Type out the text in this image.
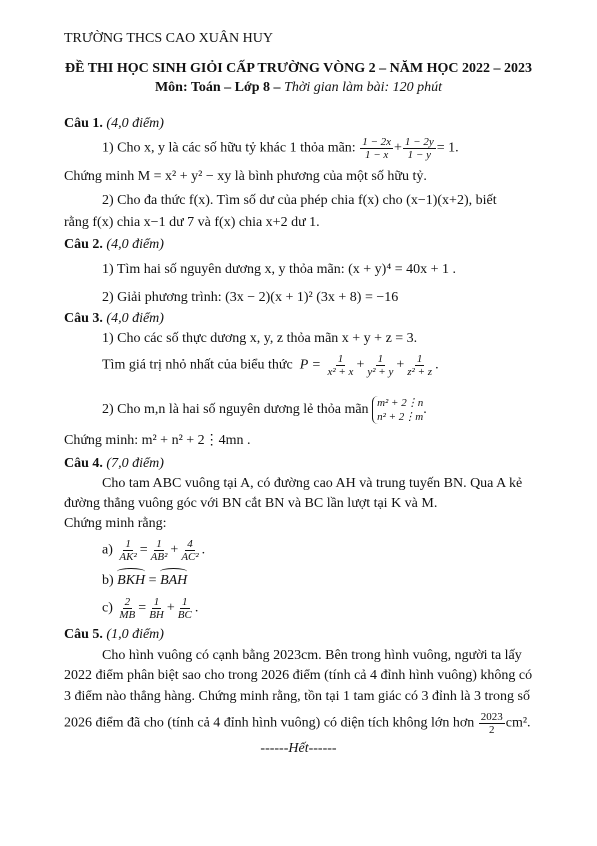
TRƯỜNG THCS CAO XUÂN HUY
ĐỀ THI HỌC SINH GIỎI CẤP TRƯỜNG VÒNG 2 – NĂM HỌC 2022 – 2023
Môn: Toán – Lớp 8 – Thời gian làm bài: 120 phút
Câu 1. (4,0 điểm)
1) Cho x, y là các số hữu tỷ khác 1 thỏa mãn: $\frac{1 - 2x}{1 - x} + \frac{1 - 2y}{1 - y} = 1$.
Chứng minh M = x² + y² − xy là bình phương của một số hữu tỷ.
2) Cho đa thức f(x). Tìm số dư của phép chia f(x) cho (x−1)(x+2), biết
rằng f(x) chia x−1 dư 7 và f(x) chia x+2 dư 1.
Câu 2. (4,0 điểm)
1) Tìm hai số nguyên dương x, y thỏa mãn: (x + y)⁴ = 40x + 1 .
2) Giải phương trình: (3x − 2)(x + 1)² (3x + 8) = −16
Câu 3. (4,0 điểm)
1) Cho các số thực dương x, y, z thỏa mãn x + y + z = 3.
Tìm giá trị nhỏ nhất của biểu thức $P = \frac{1}{\text{x² + x}} + \frac{1}{\text{y² + y}} + \frac{1}{\text{z² + z}}$ .
2) Cho m,n là hai số nguyên dương lẻ thỏa mãn m² + 2⋮n
n² + 2⋮m .
Chứng minh: m² + n² + 2⋮4mn .
Câu 4. (7,0 điểm)
Cho tam ABC vuông tại A, có đường cao AH và trung tuyến BN. Qua A kẻ
đường thẳng vuông góc với BN cắt BN và BC lần lượt tại K và M.
Chứng minh rằng:
$a) \frac{1}{\text{AK²}} = \frac{1}{\text{AB²}} + \frac{4}{\text{AC²}}$ .
b) BKH = BAH
$c) \frac{2}{MB} = \frac{1}{BH} + \frac{1}{BC}$ .
Câu 5. (1,0 điểm)
Cho hình vuông có cạnh bằng 2023cm. Bên trong hình vuông, người ta lấy
2022 điểm phân biệt sao cho trong 2026 điểm (tính cả 4 đỉnh hình vuông) không có
3 điểm nào thẳng hàng. Chứng minh rằng, tồn tại 1 tam giác có 3 đỉnh là 3 trong số
2026 điểm đã cho (tính cả 4 đỉnh hình vuông) có diện tích không lớn hơn $\frac{2023}{2} cm^2$.
------Hết------
